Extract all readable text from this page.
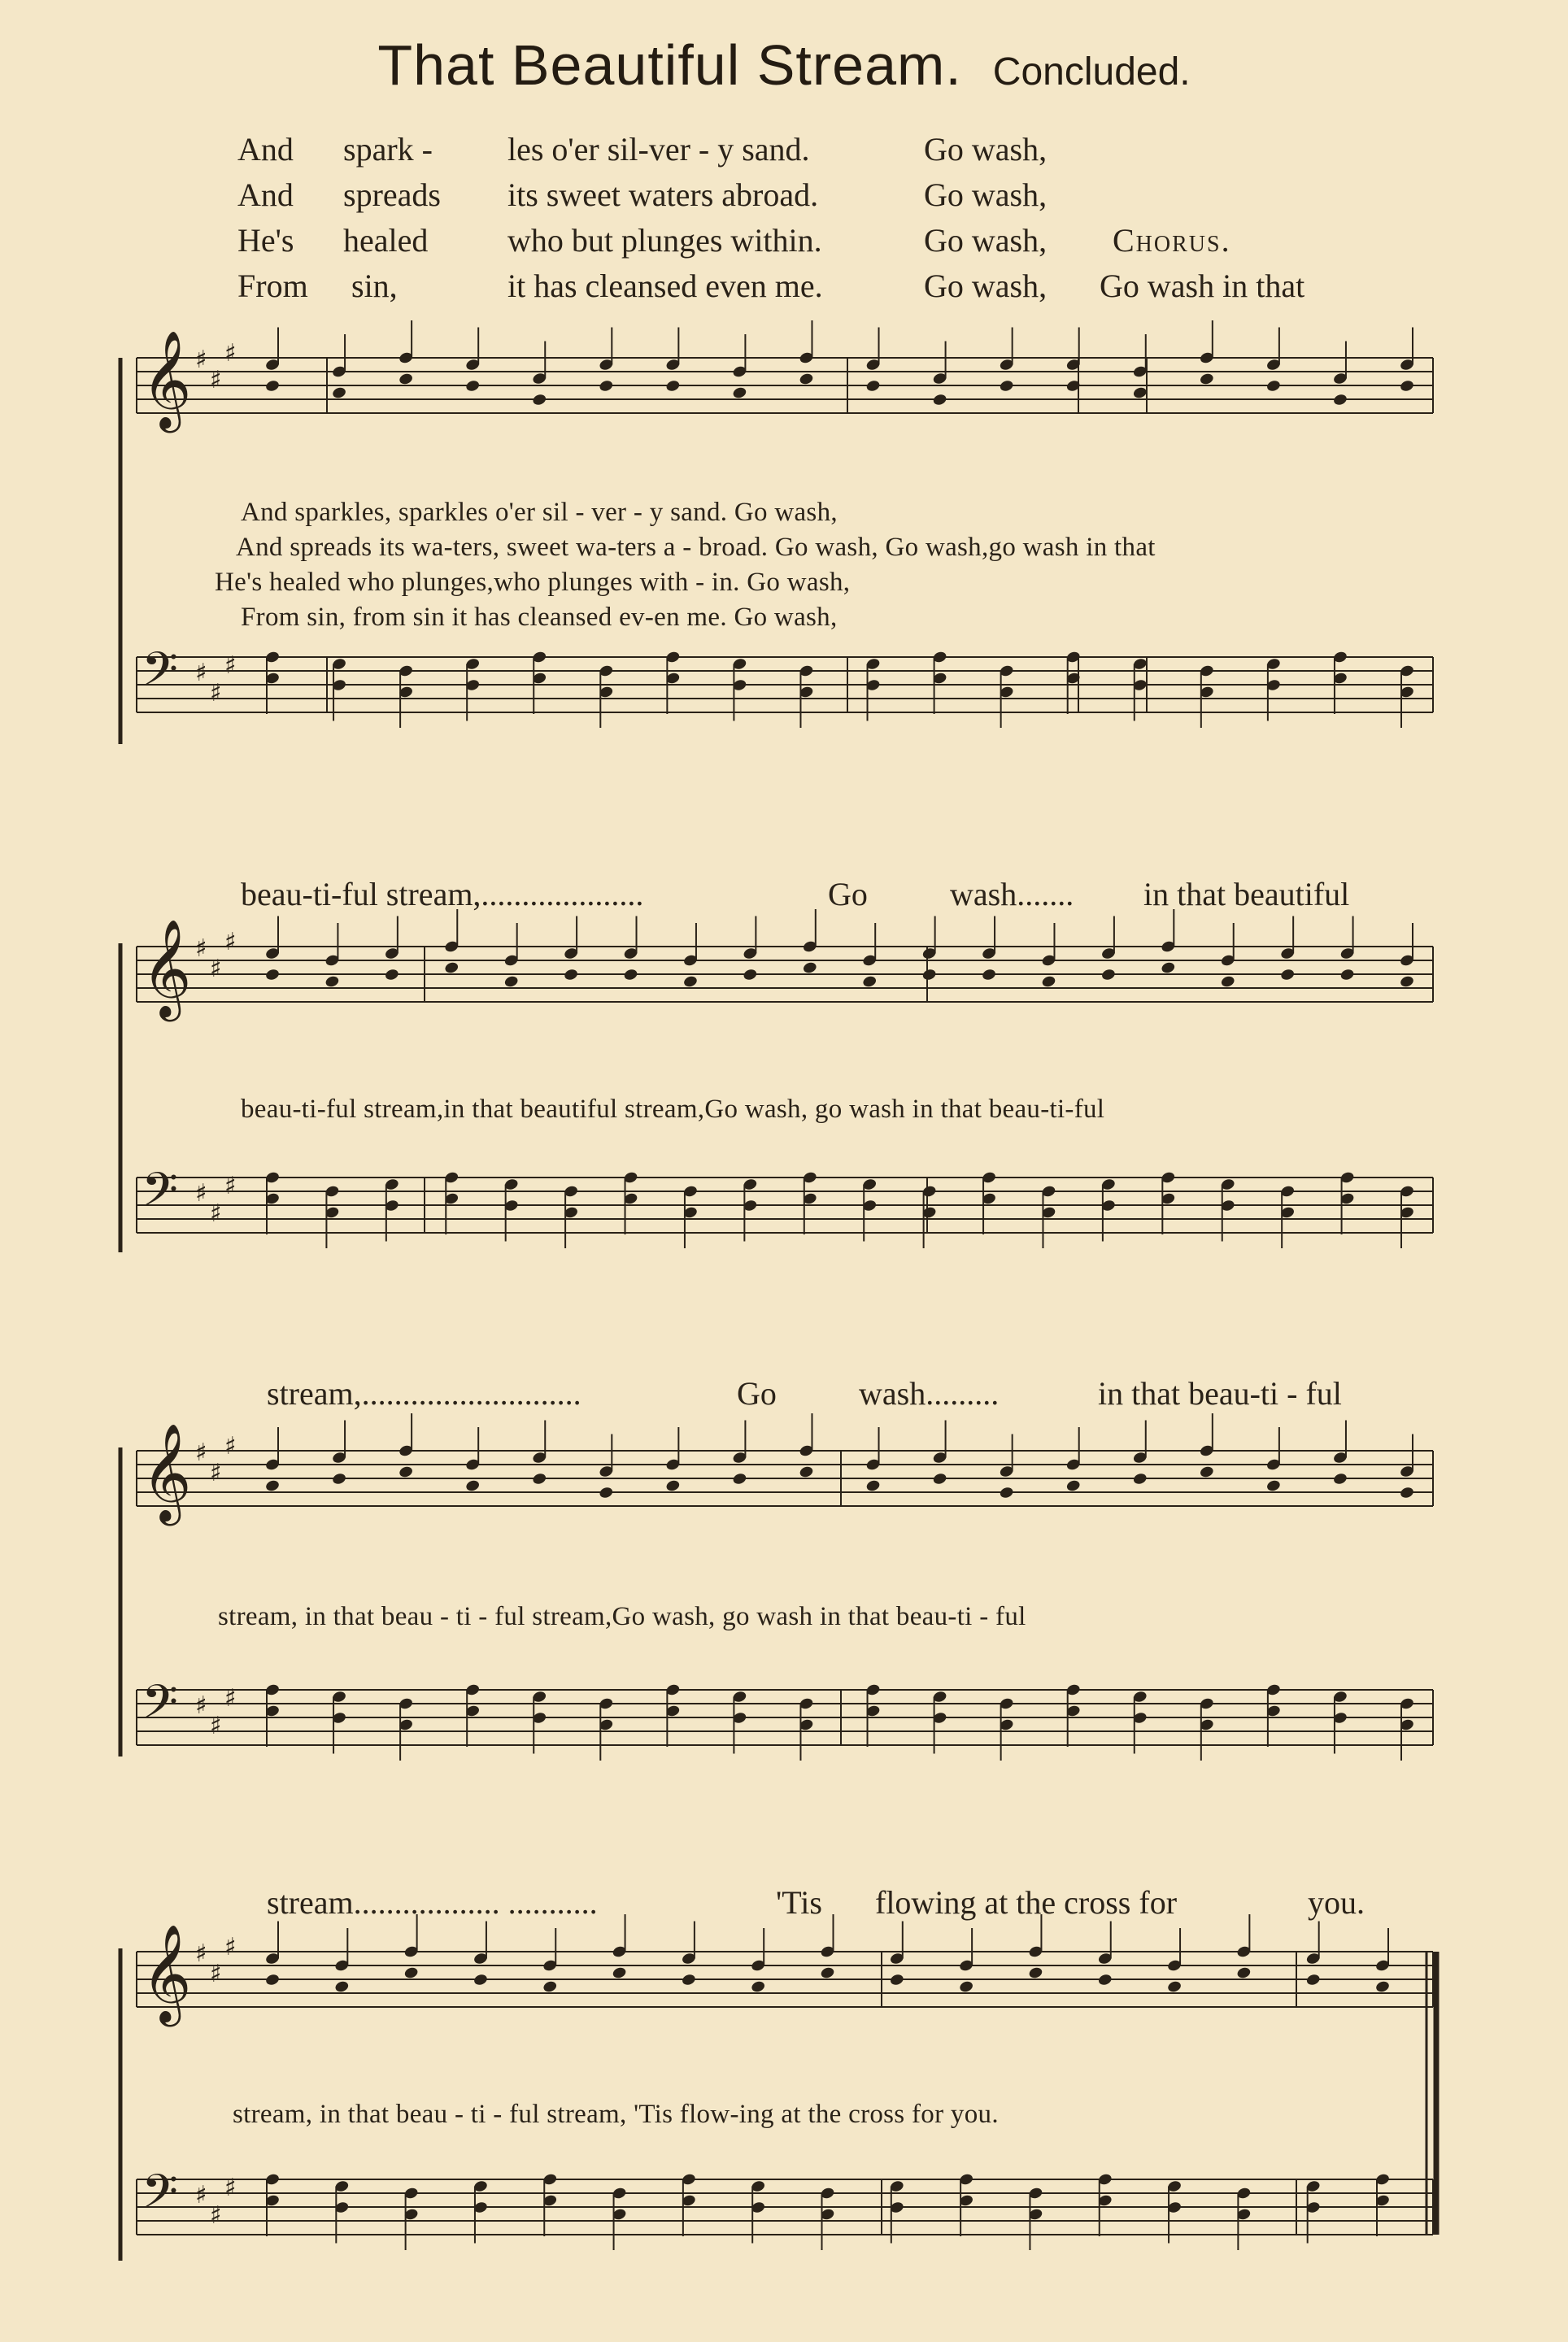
That Beautiful Stream. Concluded.
And spark - les o'er sil-ver - y sand.	Go wash,
And spreads its sweet waters abroad.	Go wash,
He's healed who but plunges within.	Go wash, Chorus.
From sin,	it has cleansed even me.	Go wash, Go wash in that
And sparkles, sparkles o'er sil - ver - y sand. Go wash,
And spreads its wa-ters, sweet wa-ters a - broad. Go wash, Go wash,go wash in that
He's healed who plunges,who plunges with - in. Go wash,
From sin, from sin it has cleansed ev-en me. Go wash,
beau-ti-ful stream,....................	Go	wash....... in that beautiful
beau-ti-ful stream,in that beautiful stream,Go wash, go wash in that beau-ti-ful
stream,...........................	Go	wash.........	in that beau-ti - ful
stream, in that beau - ti - ful stream,Go wash, go wash in that beau-ti - ful
stream.................. ...........	'Tis flowing at the cross for	you.
stream, in that beau - ti - ful stream, 'Tis flow-ing at the cross for you.
𝄞 ♯
♯
♯
𝄢 ♯
♯
♯
𝄞 ♯
♯
♯
𝄢 ♯
♯
♯
𝄞 ♯
♯
♯
𝄢 ♯
♯
♯
𝄞 ♯
♯
♯
𝄢 ♯
♯
♯
